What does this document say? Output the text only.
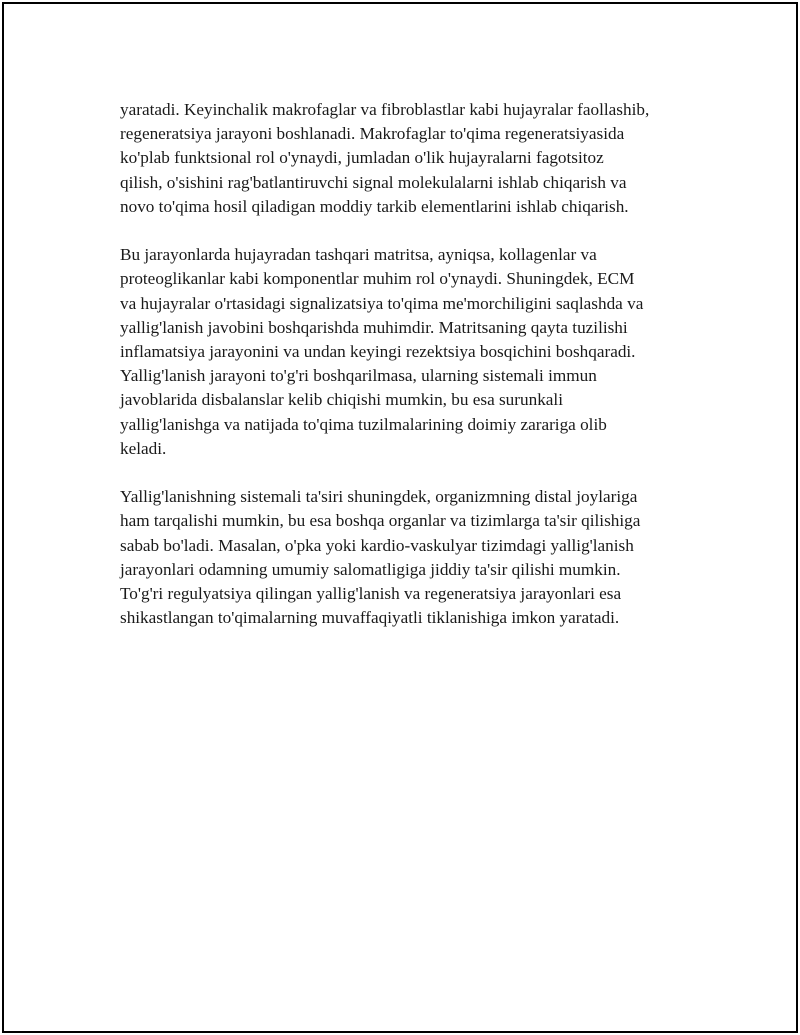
yaratadi. Keyinchalik makrofaglar va fibroblastlar kabi hujayralar faollashib,
regeneratsiya jarayoni boshlanadi. Makrofaglar to'qima regeneratsiyasida
ko'plab funktsional rol o'ynaydi, jumladan o'lik hujayralarni fagotsitoz
qilish, o'sishini rag'batlantiruvchi signal molekulalarni ishlab chiqarish va
novo to'qima hosil qiladigan moddiy tarkib elementlarini ishlab chiqarish.

Bu jarayonlarda hujayradan tashqari matritsa, ayniqsa, kollagenlar va
proteoglikanlar kabi komponentlar muhim rol o'ynaydi. Shuningdek, ECM
va hujayralar o'rtasidagi signalizatsiya to'qima me'morchiligini saqlashda va
yallig'lanish javobini boshqarishda muhimdir. Matritsaning qayta tuzilishi
inflamatsiya jarayonini va undan keyingi rezektsiya bosqichini boshqaradi.
Yallig'lanish jarayoni to'g'ri boshqarilmasa, ularning sistemali immun
javoblarida disbalanslar kelib chiqishi mumkin, bu esa surunkali
yallig'lanishga va natijada to'qima tuzilmalarining doimiy zarariga olib
keladi.

Yallig'lanishning sistemali ta'siri shuningdek, organizmning distal joylariga
ham tarqalishi mumkin, bu esa boshqa organlar va tizimlarga ta'sir qilishiga
sabab bo'ladi. Masalan, o'pka yoki kardio-vaskulyar tizimdagi yallig'lanish
jarayonlari odamning umumiy salomatligiga jiddiy ta'sir qilishi mumkin.
To'g'ri regulyatsiya qilingan yallig'lanish va regeneratsiya jarayonlari esa
shikastlangan to'qimalarning muvaffaqiyatli tiklanishiga imkon yaratadi.
